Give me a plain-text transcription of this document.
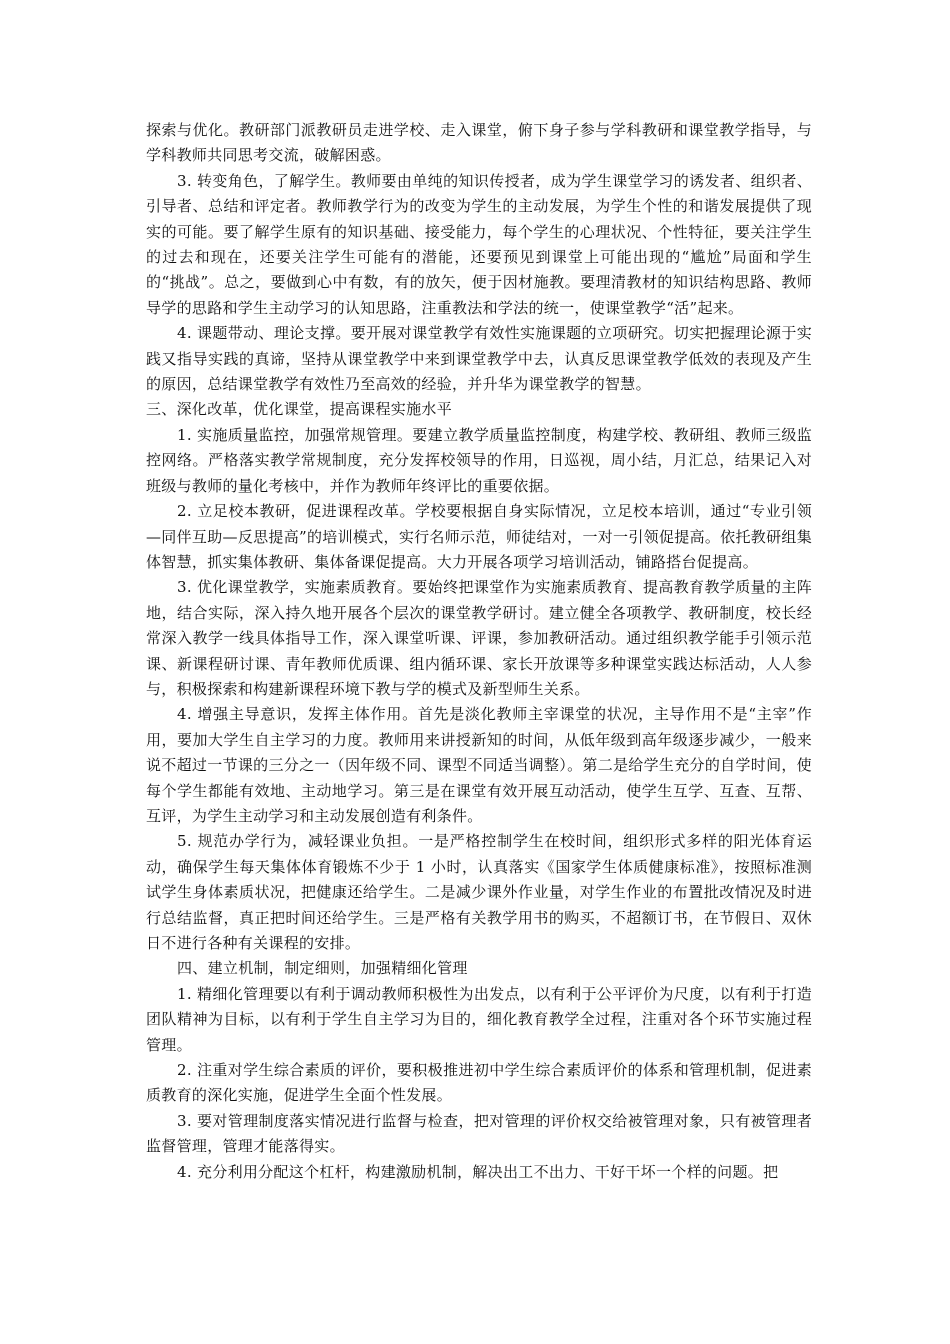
探索与优化。教研部门派教研员走进学校、走入课堂，俯下身子参与学科教研和课堂教学指导，与学科教师共同思考交流，破解困惑。

3. 转变角色，了解学生。教师要由单纯的知识传授者，成为学生课堂学习的诱发者、组织者、引导者、总结和评定者。教师教学行为的改变为学生的主动发展，为学生个性的和谐发展提供了现实的可能。要了解学生原有的知识基础、接受能力，每个学生的心理状况、个性特征，要关注学生的过去和现在，还要关注学生可能有的潜能，还要预见到课堂上可能出现的“尴尬”局面和学生的“挑战”。总之，要做到心中有数，有的放矢，便于因材施教。要理清教材的知识结构思路、教师导学的思路和学生主动学习的认知思路，注重教法和学法的统一，使课堂教学“活”起来。

4. 课题带动、理论支撑。要开展对课堂教学有效性实施课题的立项研究。切实把握理论源于实践又指导实践的真谛，坚持从课堂教学中来到课堂教学中去，认真反思课堂教学低效的表现及产生的原因，总结课堂教学有效性乃至高效的经验，并升华为课堂教学的智慧。

三、深化改革，优化课堂，提高课程实施水平

1. 实施质量监控，加强常规管理。要建立教学质量监控制度，构建学校、教研组、教师三级监控网络。严格落实教学常规制度，充分发挥校领导的作用，日巡视，周小结，月汇总，结果记入对班级与教师的量化考核中，并作为教师年终评比的重要依据。

2. 立足校本教研，促进课程改革。学校要根据自身实际情况，立足校本培训，通过“专业引领—同伴互助—反思提高”的培训模式，实行名师示范，师徒结对，一对一引领促提高。依托教研组集体智慧，抓实集体教研、集体备课促提高。大力开展各项学习培训活动，铺路搭台促提高。

3. 优化课堂教学，实施素质教育。要始终把课堂作为实施素质教育、提高教育教学质量的主阵地，结合实际，深入持久地开展各个层次的课堂教学研讨。建立健全各项教学、教研制度，校长经常深入教学一线具体指导工作，深入课堂听课、评课，参加教研活动。通过组织教学能手引领示范课、新课程研讨课、青年教师优质课、组内循环课、家长开放课等多种课堂实践达标活动，人人参与，积极探索和构建新课程环境下教与学的模式及新型师生关系。

4. 增强主导意识，发挥主体作用。首先是淡化教师主宰课堂的状况，主导作用不是“主宰”作用，要加大学生自主学习的力度。教师用来讲授新知的时间，从低年级到高年级逐步减少，一般来说不超过一节课的三分之一（因年级不同、课型不同适当调整）。第二是给学生充分的自学时间，使每个学生都能有效地、主动地学习。第三是在课堂有效开展互动活动，使学生互学、互查、互帮、互评，为学生主动学习和主动发展创造有利条件。

5. 规范办学行为，减轻课业负担。一是严格控制学生在校时间，组织形式多样的阳光体育运动，确保学生每天集体体育锻炼不少于 1 小时，认真落实《国家学生体质健康标准》，按照标准测试学生身体素质状况，把健康还给学生。二是减少课外作业量，对学生作业的布置批改情况及时进 行总结监督，真正把时间还给学生。三是严格有关教学用书的购买，不超额订书，在节假日、双休日不进行各种有关课程的安排。

四、建立机制，制定细则，加强精细化管理

1. 精细化管理要以有利于调动教师积极性为出发点，以有利于公平评价为尺度，以有利于打造团队精神为目标，以有利于学生自主学习为目的，细化教育教学全过程，注重对各个环节实施过程管理。

2. 注重对学生综合素质的评价，要积极推进初中学生综合素质评价的体系和管理机制，促进素质教育的深化实施，促进学生全面个性发展。

3. 要对管理制度落实情况进行监督与检查，把对管理的评价权交给被管理对象，只有被管理者监督管理，管理才能落得实。

4. 充分利用分配这个杠杆，构建激励机制，解决出工不出力、干好干坏一个样的问题。把
